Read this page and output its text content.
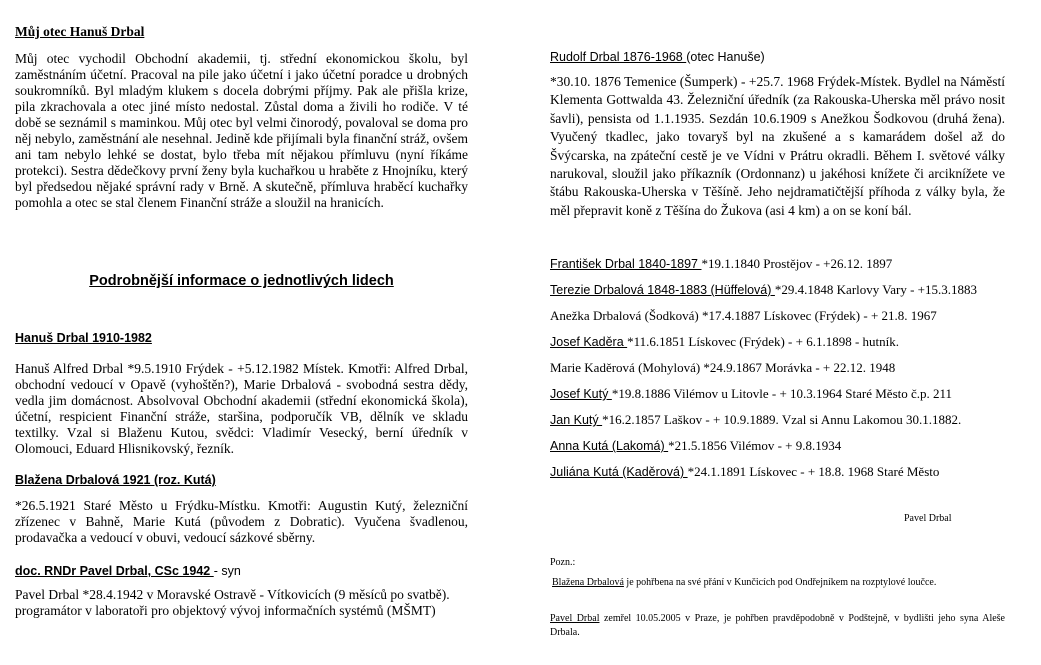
Můj otec Hanuš Drbal
Můj otec vychodil Obchodní akademii, tj. střední ekonomickou školu, byl zaměstnáním účetní. Pracoval na pile jako účetní i jako účetní poradce u drobných soukromníků. Byl mladým klukem s docela dobrými příjmy. Pak ale přišla krize, pila zkrachovala a otec jiné místo nedostal. Zůstal doma a živili ho rodiče. V té době se seznámil s maminkou. Můj otec byl velmi činorodý, povaloval se doma pro něj nebylo, zaměstnání ale nesehnal. Jedině kde přijímali byla finanční stráž, ovšem ani tam nebylo lehké se dostat, bylo třeba mít nějakou přímluvu (nyní říkáme protekci). Sestra dědečkovy první ženy byla kuchařkou u hraběte z Hnojníku, který byl předsedou nějaké správní rady v Brně. A skutečně, přímluva hraběcí kuchařky pomohla a otec se stal členem Finanční stráže a sloužil na hranicích.
Podrobnější informace o jednotlivých lidech
Hanuš Drbal 1910-1982
Hanuš Alfred Drbal *9.5.1910 Frýdek - +5.12.1982 Místek. Kmotři: Alfred Drbal, obchodní vedoucí v Opavě (vyhoštěn?), Marie Drbalová - svobodná sestra dědy, vedla jim domácnost. Absolvoval Obchodní akademii (střední ekonomická škola), účetní, respicient Finanční stráže, staršina, podporučík VB, dělník ve skladu textilky. Vzal si Blaženu Kutou, svědci: Vladimír Vesecký, berní úředník v Olomouci, Eduard Hlisnikovský, řezník.
Blažena Drbalová 1921 (roz. Kutá)
*26.5.1921 Staré Město u Frýdku-Místku. Kmotři: Augustin Kutý, železniční zřízenec v Bahně, Marie Kutá (původem z Dobratic). Vyučena švadlenou, prodavačka a vedoucí v obuvi, vedoucí sázkové sběrny.
doc. RNDr Pavel Drbal, CSc 1942 - syn
Pavel Drbal *28.4.1942 v Moravské Ostravě - Vítkovicích (9 měsíců po svatbě).
programátor v laboratoři pro objektový vývoj informačních systémů (MŠMT)
Rudolf Drbal 1876-1968 (otec Hanuše)
*30.10. 1876 Temenice (Šumperk) - +25.7. 1968 Frýdek-Místek. Bydlel na Náměstí Klementa Gottwalda 43. Železniční úředník (za Rakouska-Uherska měl právo nosit šavli), pensista od 1.1.1935. Sezdán 10.6.1909 s Anežkou Šodkovou (druhá žena). Vyučený tkadlec, jako tovaryš byl na zkušené a s kamarádem došel až do Švýcarska, na zpáteční cestě je ve Vídni v Prátru okradli. Během I. světové války narukoval, sloužil jako příkazník (Ordonnanz) u jakéhosi knížete či arciknížete ve štábu Rakouska-Uherska v Těšíně. Jeho nejdramatičtější příhoda z války byla, že měl přepravit koně z Těšína do Žukova (asi 4 km) a on se koní bál.
František Drbal 1840-1897 *19.1.1840 Prostějov - +26.12. 1897
Terezie Drbalová 1848-1883 (Hüffelová) *29.4.1848 Karlovy Vary - +15.3.1883
Anežka Drbalová (Šodková) *17.4.1887 Lískovec (Frýdek) - + 21.8. 1967
Josef Kaděra *11.6.1851 Lískovec (Frýdek) - + 6.1.1898 - hutník.
Marie Kaděrová (Mohylová) *24.9.1867 Morávka - + 22.12. 1948
Josef Kutý *19.8.1886 Vilémov u Litovle - + 10.3.1964 Staré Město č.p. 211
Jan Kutý *16.2.1857 Laškov - + 10.9.1889. Vzal si Annu Lakomou 30.1.1882.
Anna Kutá (Lakomá) *21.5.1856 Vilémov - + 9.8.1934
Juliána Kutá (Kaděrová) *24.1.1891 Lískovec - + 18.8. 1968 Staré Město
Pavel Drbal
Pozn.:
Blažena Drbalová je pohřbena na své přání v Kunčicích pod Ondřejníkem na rozptylové loučce.
Pavel Drbal zemřel 10.05.2005 v Praze, je pohřben pravděpodobně v Podštejně, v bydlišti jeho syna Aleše Drbala.
